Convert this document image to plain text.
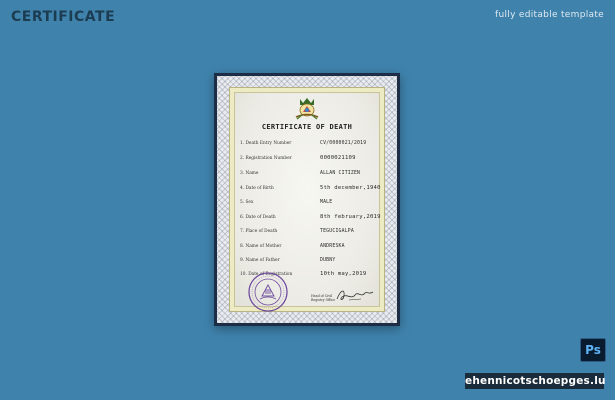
CERTIFICATE	fully editable template
CERTIFICATE OF DEATH
1. Death Entry Number	CV/0000021/2019
2. Registration Number	0000021109
3. Name	ALLAN CITIZEN
4. Date of Birth	5th december,1940
5. Sex	MALE
6. Date of Death	8th february,2019
7. Place of Death	TEGUCIGALPA
8. Name of Mother	ANDRESKA
9. Name of Father	DUBNY
10. Date of Registration	10th may,2019
Head of Civil
Registry Office
Ps
ehennicotschoepges.lu
